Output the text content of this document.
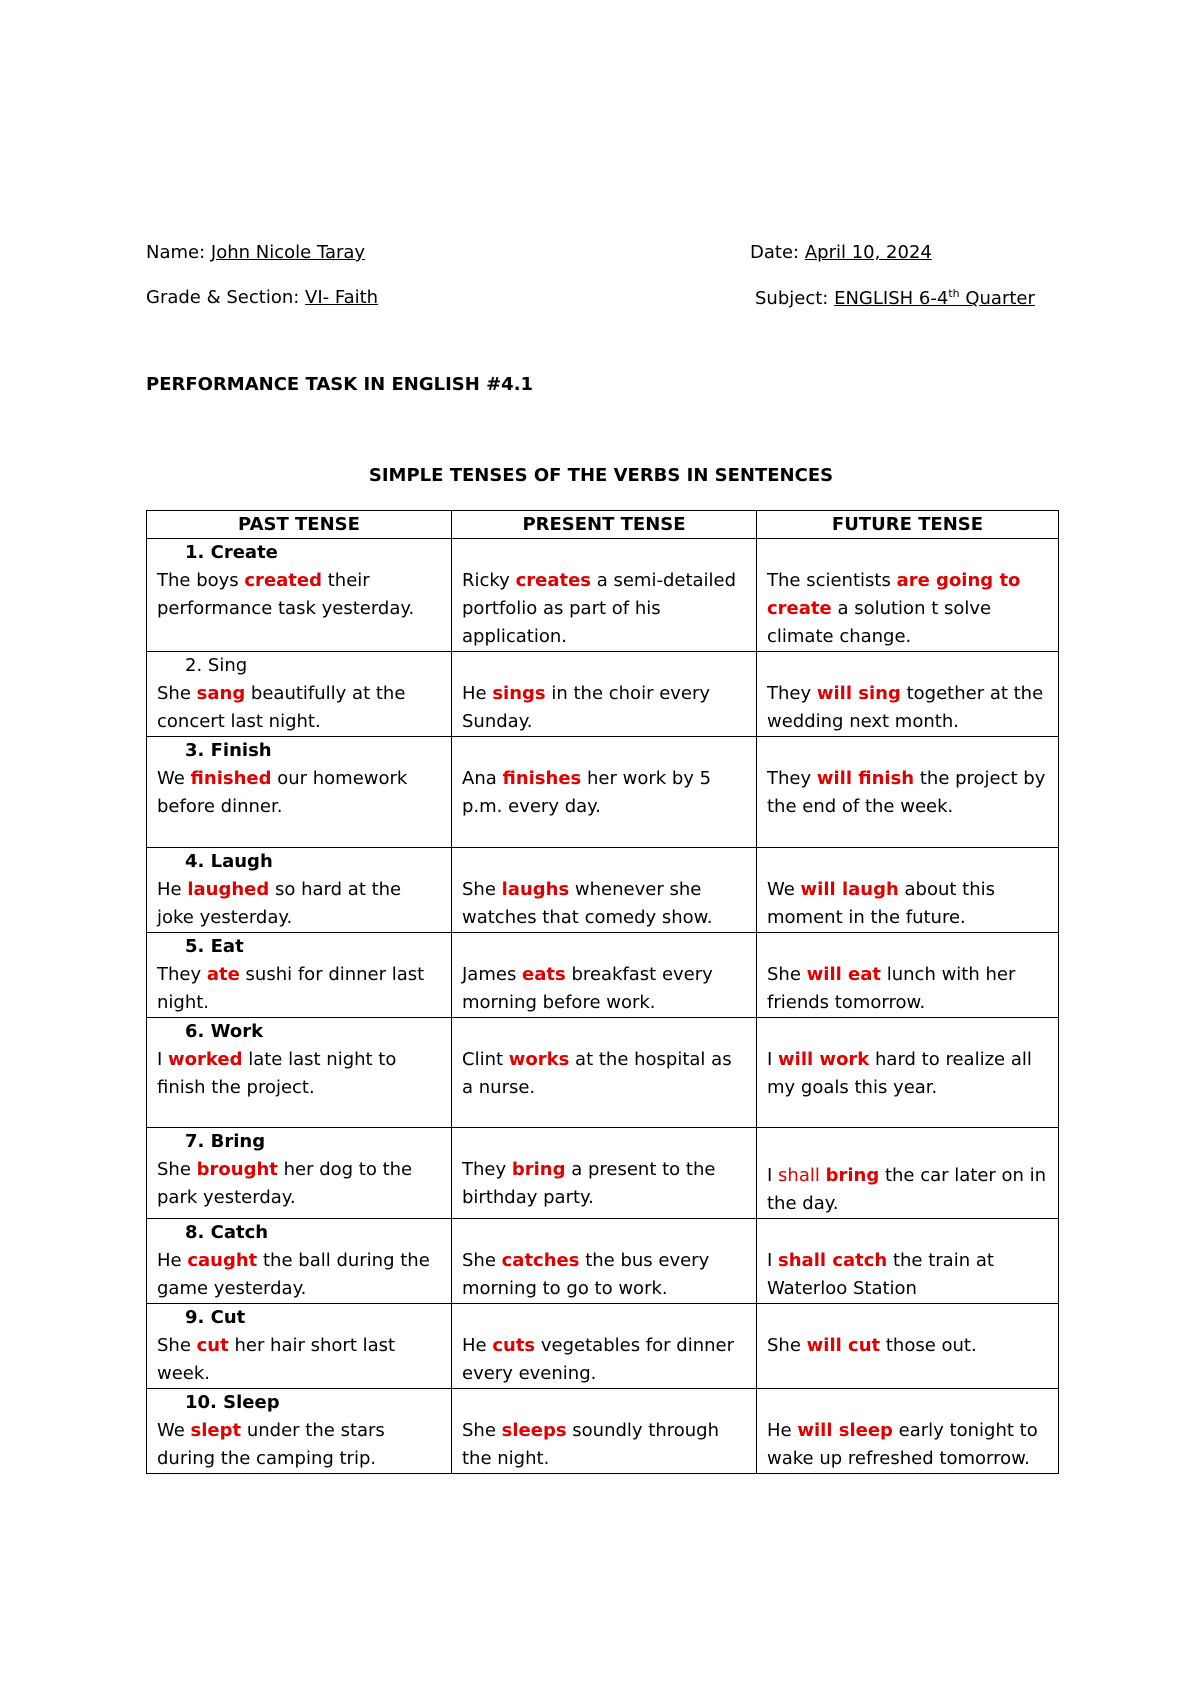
Name: John Nicole Taray	Date: April 10, 2024
Grade & Section: VI- Faith	Subject: ENGLISH 6-4th Quarter
PERFORMANCE TASK IN ENGLISH #4.1
SIMPLE TENSES OF THE VERBS IN SENTENCES
PAST TENSE	PRESENT TENSE	FUTURE TENSE

1. Create
The boys created their performance task yesterday.	Ricky creates a semi-detailed portfolio as part of his application.	The scientists are going to create a solution t solve climate change.

2. Sing
She sang beautifully at the concert last night.	He sings in the choir every Sunday.	They will sing together at the wedding next month.

3. Finish
We finished our homework before dinner.	Ana finishes her work by 5 p.m. every day.	They will finish the project by the end of the week.

4. Laugh
He laughed so hard at the joke yesterday.	She laughs whenever she watches that comedy show.	We will laugh about this moment in the future.

5. Eat
They ate sushi for dinner last night.	James eats breakfast every morning before work.	She will eat lunch with her friends tomorrow.

6. Work
I worked late last night to finish the project.	Clint works at the hospital as a nurse.	I will work hard to realize all my goals this year.

7. Bring
She brought her dog to the park yesterday.	They bring a present to the birthday party.	I shall bring the car later on in the day.

8. Catch
He caught the ball during the game yesterday.	She catches the bus every morning to go to work.	I shall catch the train at Waterloo Station

9. Cut
She cut her hair short last week.	He cuts vegetables for dinner every evening.	She will cut those out.

10. Sleep
We slept under the stars during the camping trip.	She sleeps soundly through the night.	He will sleep early tonight to wake up refreshed tomorrow.
